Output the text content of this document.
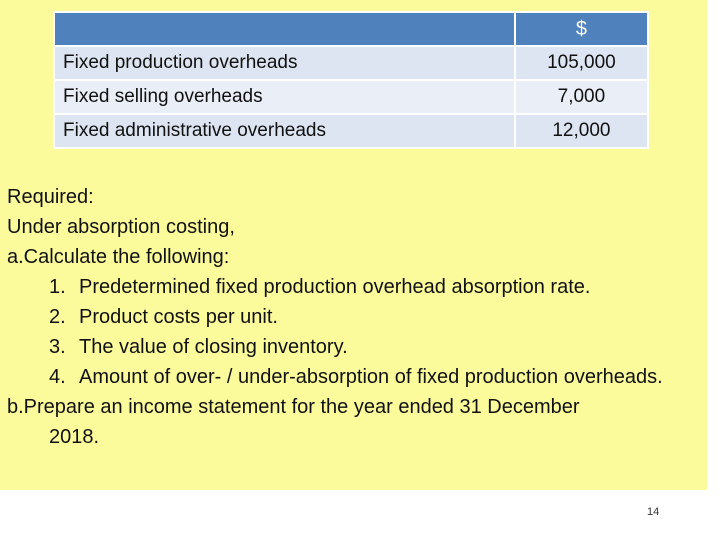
	$
Fixed production overheads	105,000
Fixed selling overheads	7,000
Fixed administrative overheads	12,000

Required:

Under absorption costing,

a.Calculate the following:

1. Predetermined fixed production overhead absorption rate.
2. Product costs per unit.
3. The value of closing inventory.
4. Amount of over- / under-absorption of fixed production overheads.

b.Prepare an income statement for the year ended 31 December 2018.

14
